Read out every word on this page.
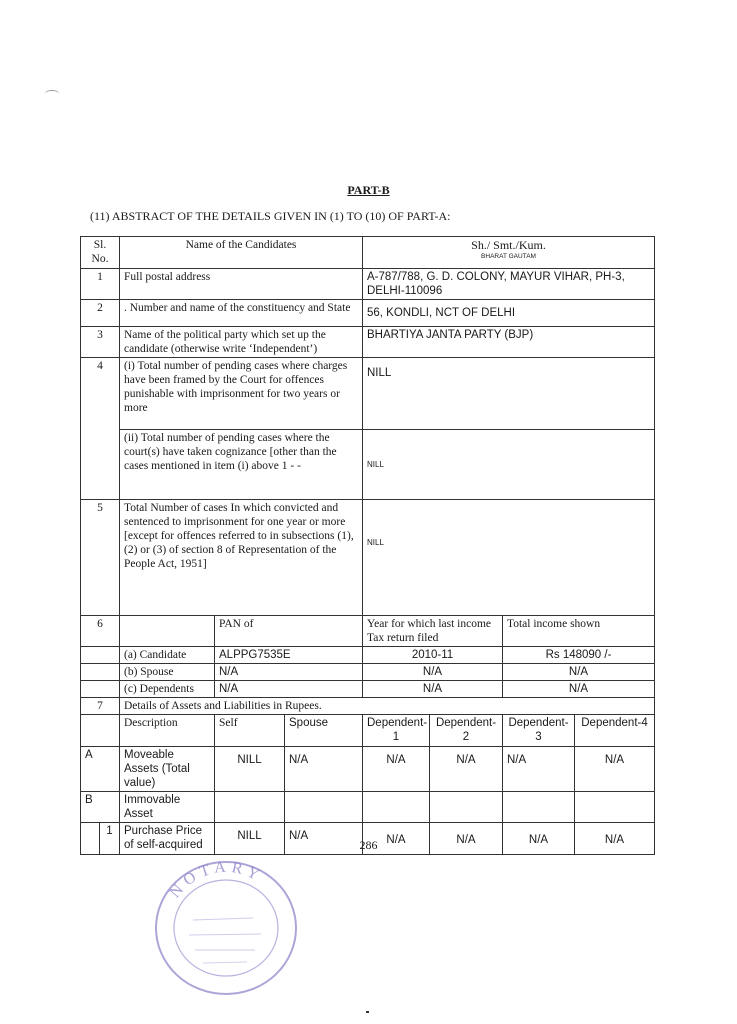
PART-B
(11) ABSTRACT OF THE DETAILS GIVEN IN (1) TO (10) OF PART-A:
Sl. No.		Name of the Candidates			Sh./ Smt./Kum.
BHARAT GAUTAM			

1		Full postal address			A-787/788, G. D. COLONY, MAYUR VIHAR, PH-3, DELHI-110096			
2		. Number and name of the constituency and State			56, KONDLI, NCT OF DELHI			
3		Name of the political party which set up the candidate (otherwise write ‘Independent’)			BHARTIYA JANTA PARTY (BJP)			
4		(i) Total number of pending cases where charges have been framed by the Court for offences punishable with imprisonment for two years or more			NILL			
		(ii) Total number of pending cases where the court(s) have taken cognizance [other than the cases mentioned in item (i) above 1 - -			NILL			
5		Total Number of cases In which convicted and sentenced to imprisonment for one year or more [except for offences referred to in subsections (1), (2) or (3) of section 8 of Representation of the People Act, 1951]			NILL			
6			PAN of		Year for which last income Tax return filed		Total income shown	
		(a) Candidate	ALPPG7535E		2010-11		Rs 148090 /-	
		(b) Spouse	N/A		N/A		N/A	
		(c) Dependents	N/A		N/A		N/A	
7		Details of Assets and Liabilities in Rupees.						
		Description	Self	Spouse	Dependent-1	Dependent-2	Dependent-3	Dependent-4
A		Moveable Assets (Total value)	NILL	N/A	N/A	N/A	N/A	N/A
B		Immovable Asset						
	1	Purchase Price of self-acquired	NILL	N/A	N/A	N/A	N/A	N/A
286
NOTARY
